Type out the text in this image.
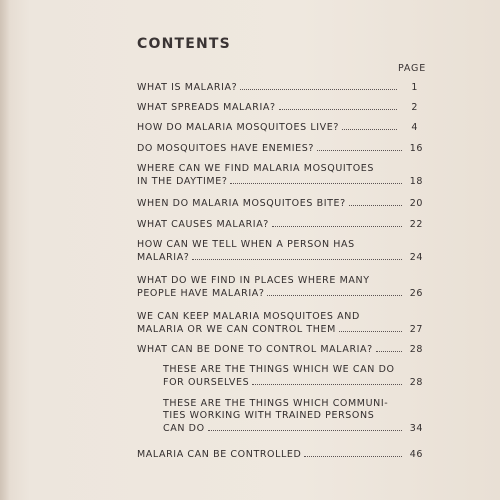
CONTENTS
PAGE
WHAT IS MALARIA?	1
WHAT SPREADS MALARIA?	2
HOW DO MALARIA MOSQUITOES LIVE?	4
DO MOSQUITOES HAVE ENEMIES?	16
WHERE CAN WE FIND MALARIA MOSQUITOES
IN THE DAYTIME?	18
WHEN DO MALARIA MOSQUITOES BITE?	20
WHAT CAUSES MALARIA?	22
HOW CAN WE TELL WHEN A PERSON HAS
MALARIA?	24
WHAT DO WE FIND IN PLACES WHERE MANY
PEOPLE HAVE MALARIA?	26
WE CAN KEEP MALARIA MOSQUITOES AND
MALARIA OR WE CAN CONTROL THEM	27
WHAT CAN BE DONE TO CONTROL MALARIA?	28
THESE ARE THE THINGS WHICH WE CAN DO
FOR OURSELVES	28
THESE ARE THE THINGS WHICH COMMUNI-
TIES WORKING WITH TRAINED PERSONS
CAN DO	34
MALARIA CAN BE CONTROLLED	46
